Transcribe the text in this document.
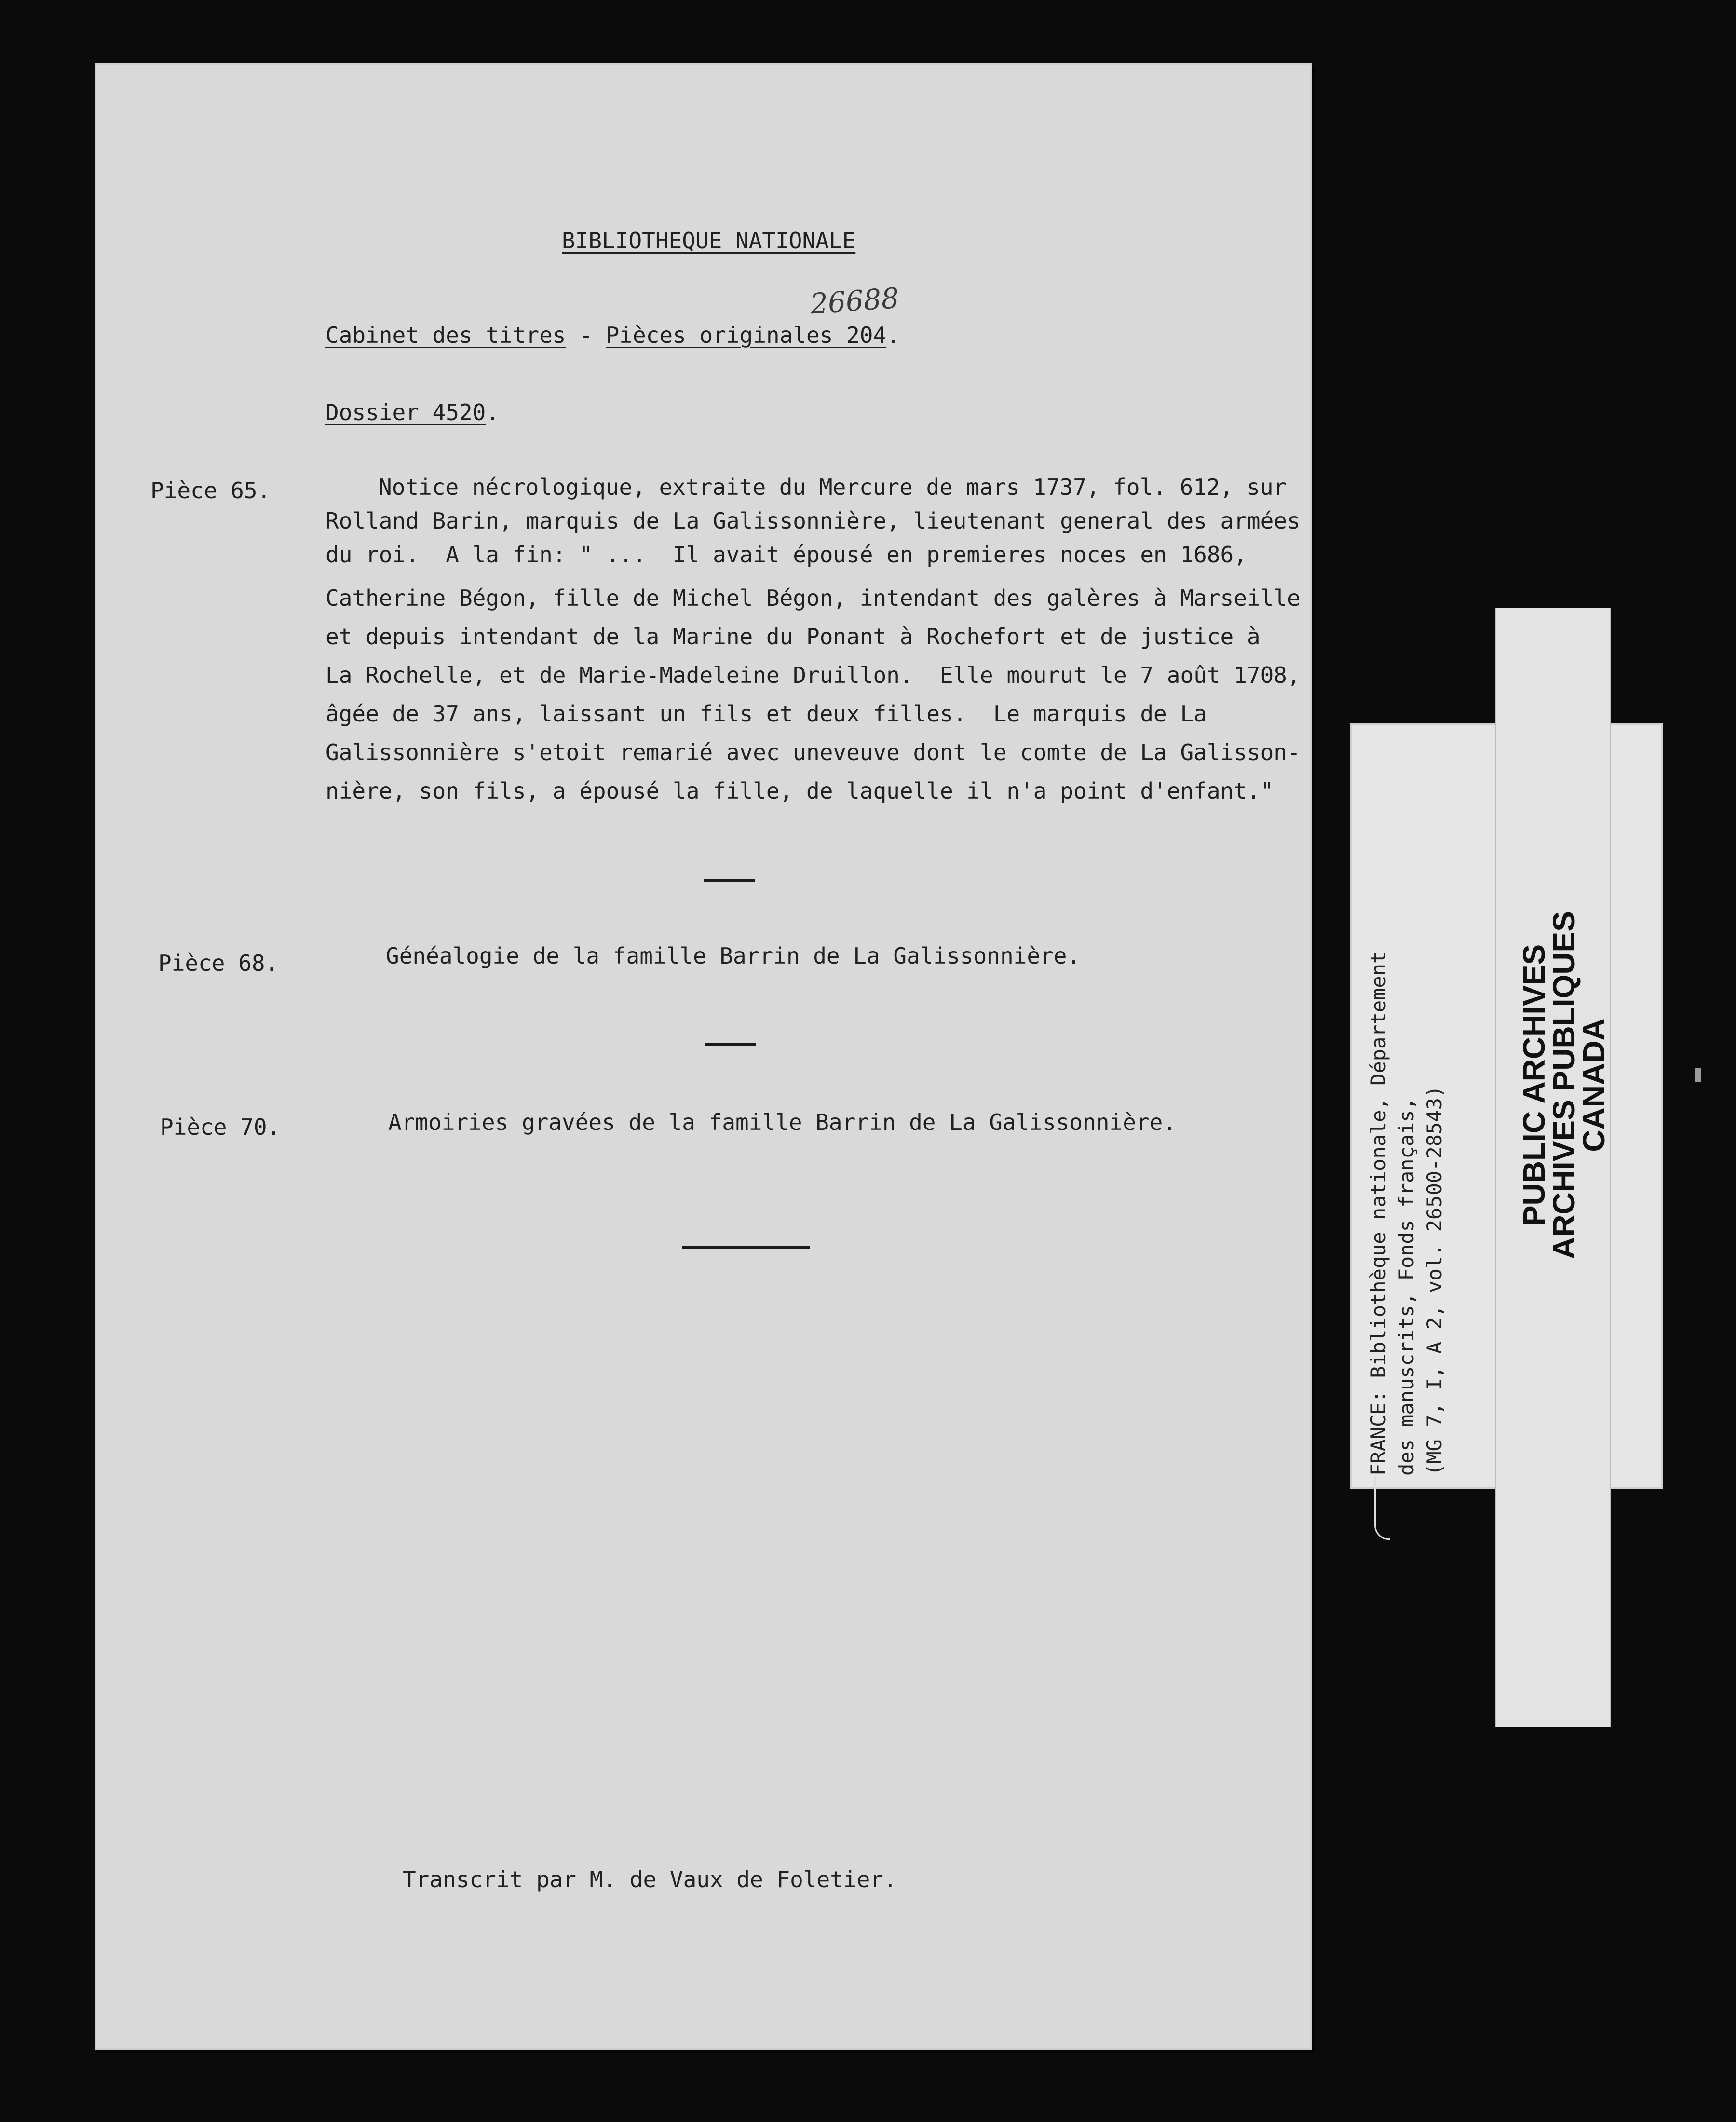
BIBLIOTHEQUE NATIONALE
26688
Cabinet des titres - Pièces originales 204.
Dossier 4520.
Pièce 65.	Notice nécrologique, extraite du Mercure de mars 1737, fol. 612, sur
Rolland Barin, marquis de La Galissonnière, lieutenant general des armées
du roi.  A la fin: " ...  Il avait épousé en premieres noces en 1686,
Catherine Bégon, fille de Michel Bégon, intendant des galères à Marseille
et depuis intendant de la Marine du Ponant à Rochefort et de justice à
La Rochelle, et de Marie-Madeleine Druillon.  Elle mourut le 7 août 1708,
âgée de 37 ans, laissant un fils et deux filles.  Le marquis de La
Galissonnière s'etoit remarié avec uneveuve dont le comte de La Galisson-
nière, son fils, a épousé la fille, de laquelle il n'a point d'enfant."
Pièce 68.	Généalogie de la famille Barrin de La Galissonnière.
Pièce 70.	Armoiries gravées de la famille Barrin de La Galissonnière.
Transcrit par M. de Vaux de Foletier.
FRANCE: Bibliothèque nationale, Département des manuscrits, Fonds français, (MG 7, I, A 2, vol. 26500-28543) PUBLIC ARCHIVES
ARCHIVES PUBLIQUES
CANADA
